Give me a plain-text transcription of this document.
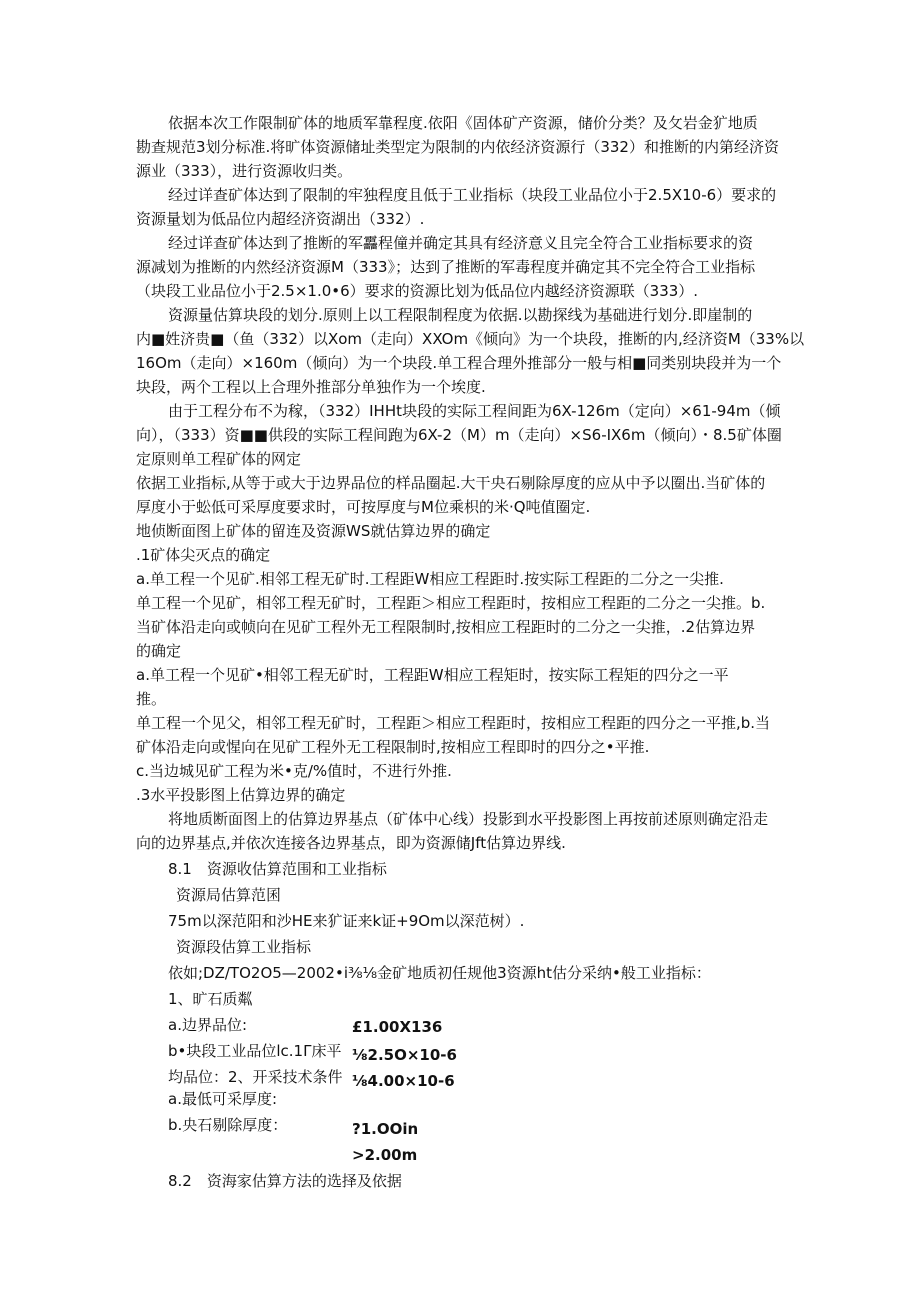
依据本次工作限制矿体的地质军靠程度.依阳《固体矿产资源，储价分类？及攵岩金犷地质
勘查规范3划分标准.将旷体资源储址类型定为限制的内依经济资源行（332）和推断的内第经济资
源业（333），进行资源收归类。
经过详查矿体达到了限制的牢独程度且低于工业指标（块段工业品位小于2.5X10-6）要求的
资源量划为低品位内超经济资湖出（332）.
经过详查矿体达到了推断的军靐程僮并确定其具有经济意义且完全符合工业指标要求的资
源减划为推断的内然经济资源M（333》；达到了推断的军毒程度并确定其不完全符合工业指标
（块段工业品位小于2.5×1.0•6）要求的资源比划为低品位内越经济资源联（333）.
资源量估算块段的划分.原则上以工程限制程度为依据.以勘探线为基础进行划分.即崖制的
内■姓济贵■（鱼（332）以Xom（走向）XXOm《倾向》为一个块段，推断的内,经济资M（33%以
16Om（走向）×160m（倾向）为一个块段.单工程合理外推部分一般与相■同类别块段并为一个
块段，两个工程以上合理外推部分单独作为一个埃度.
由于工程分布不为稼，（332）IHHt块段的实际工程间距为6X-126m（定向）×61-94m（倾
向），（333）资■■供段的实际工程间跑为6X-2（M）m（走向）×S6-IX6m（倾向）・8.5矿体圈
定原则单工程矿体的网定
依据工业指标,从等于或大于边界品位的样品圈起.大干央石剔除厚度的应从中予以圈出.当矿体的
厚度小于蚣低可采厚度要求时，可按厚度与M位乘枳的米·Q吨值圈定.
地侦断面图上矿体的留连及资源WS就估算边界的确定
.1矿体尖灭点的确定
a.单工程一个见矿.相邻工程无矿时.工程距W相应工程距时.按实际工程距的二分之一尖推.
单工程一个见矿，相邻工程无矿时，工程距＞相应工程距时，按相应工程距的二分之一尖推。b.
当矿体沿走向或帧向在见矿工程外无工程限制时,按相应工程距时的二分之一尖推，.2估算边界
的确定
a.单工程一个见矿•相邻工程无矿时，工程距W相应工程矩时，按实际工程矩的四分之一平
推。
单工程一个见父，相邻工程无矿时，工程距＞相应工程距时，按相应工程距的四分之一平推,b.当
矿体沿走向或惺向在见矿工程外无工程限制时,按相应工程即时的四分之•平推.
c.当边城见矿工程为米•克/%值时，不进行外推.
.3水平投影图上估算边界的确定
将地质断面图上的估算边界基点（矿体中心线）投影到水平投影图上再按前述原则确定沿走
向的边界基点,并依次连接各边界基点，即为资源储Jft估算边界线.
8.1　资源收估算范围和工业指标
资源局估算范囷
75m以深范阳和沙HE来犷证来k证+9Om以深范树）.
资源段估算工业指标
依如;DZ/TO2O5—2002•i⅜⅛金矿地质初任规他3资源ht估分采纳•般工业指标：
1、旷石质粼
a.边界品位:	£1.00X136
b•块段工业品位lc.1Γ床平 ⅛2.5O×10-6
均品位：2、开采技术条件 ⅛4.00×10-6
a.最低可采厚度:
b.央石剔除厚度：	?1.OOin
>2.00m
8.2　资海家估算方法的选择及依据
